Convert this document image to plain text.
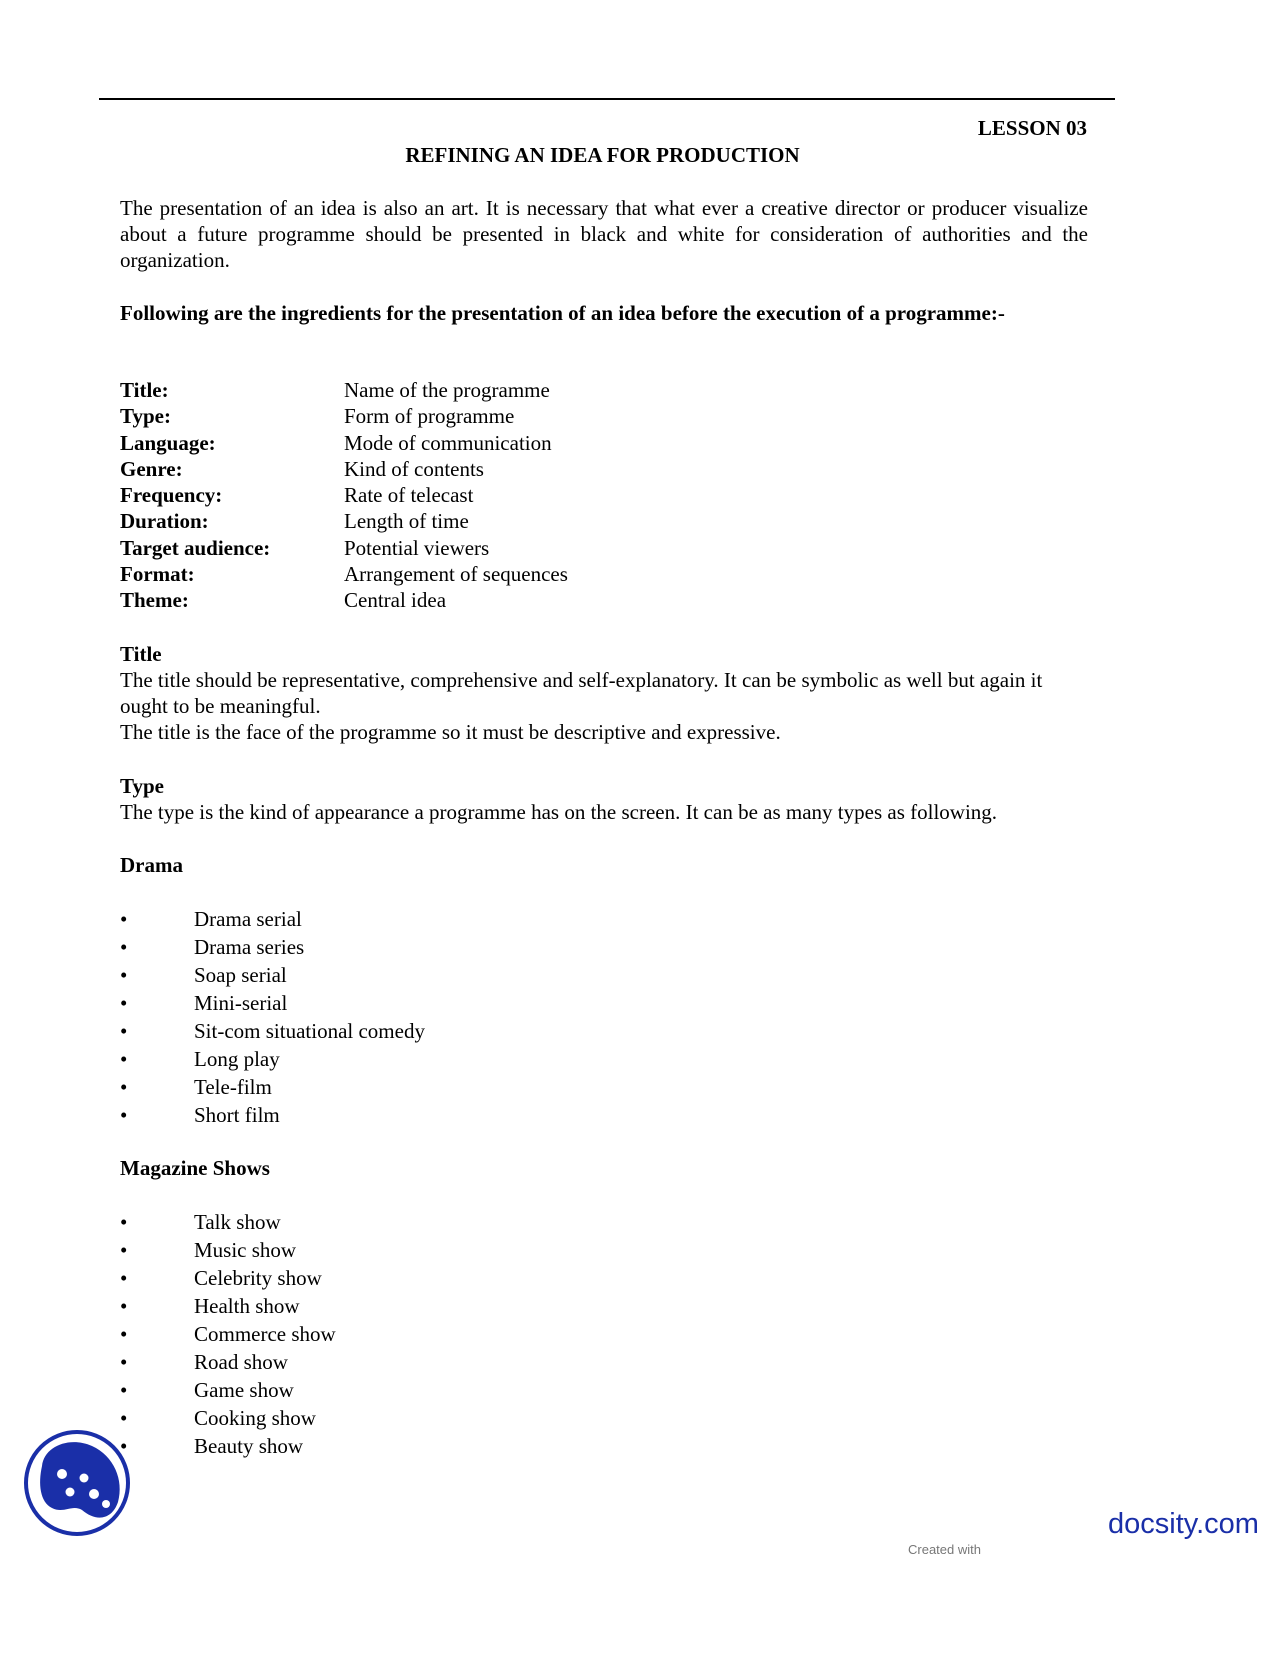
LESSON 03
REFINING AN IDEA FOR PRODUCTION

The presentation of an idea is also an art. It is necessary that what ever a creative director or producer visualize about a future programme should be presented in black and white for consideration of authorities and the organization.

Following are the ingredients for the presentation of an idea before the execution of a programme:-

Title:	Name of the programme
Type:	Form of programme
Language:	Mode of communication
Genre:	Kind of contents
Frequency:	Rate of telecast
Duration:	Length of time
Target audience:	Potential viewers
Format:	Arrangement of sequences
Theme:	Central idea
Title

The title should be representative, comprehensive and self-explanatory. It can be symbolic as well but again it ought to be meaningful.

The title is the face of the programme so it must be descriptive and expressive.

Type
The type is the kind of appearance a programme has on the screen. It can be as many types as following.
Drama
•	Drama serial
•	Drama series
•	Soap serial
•	Mini-serial
•	Sit-com situational comedy
•	Long play
•	Tele-film
•	Short film
Magazine Shows
•	Talk show
•	Music show
•	Celebrity show
•	Health show
•	Commerce show
•	Road show
•	Game show
•	Cooking show
•	Beauty show
docsity.com
Created with
